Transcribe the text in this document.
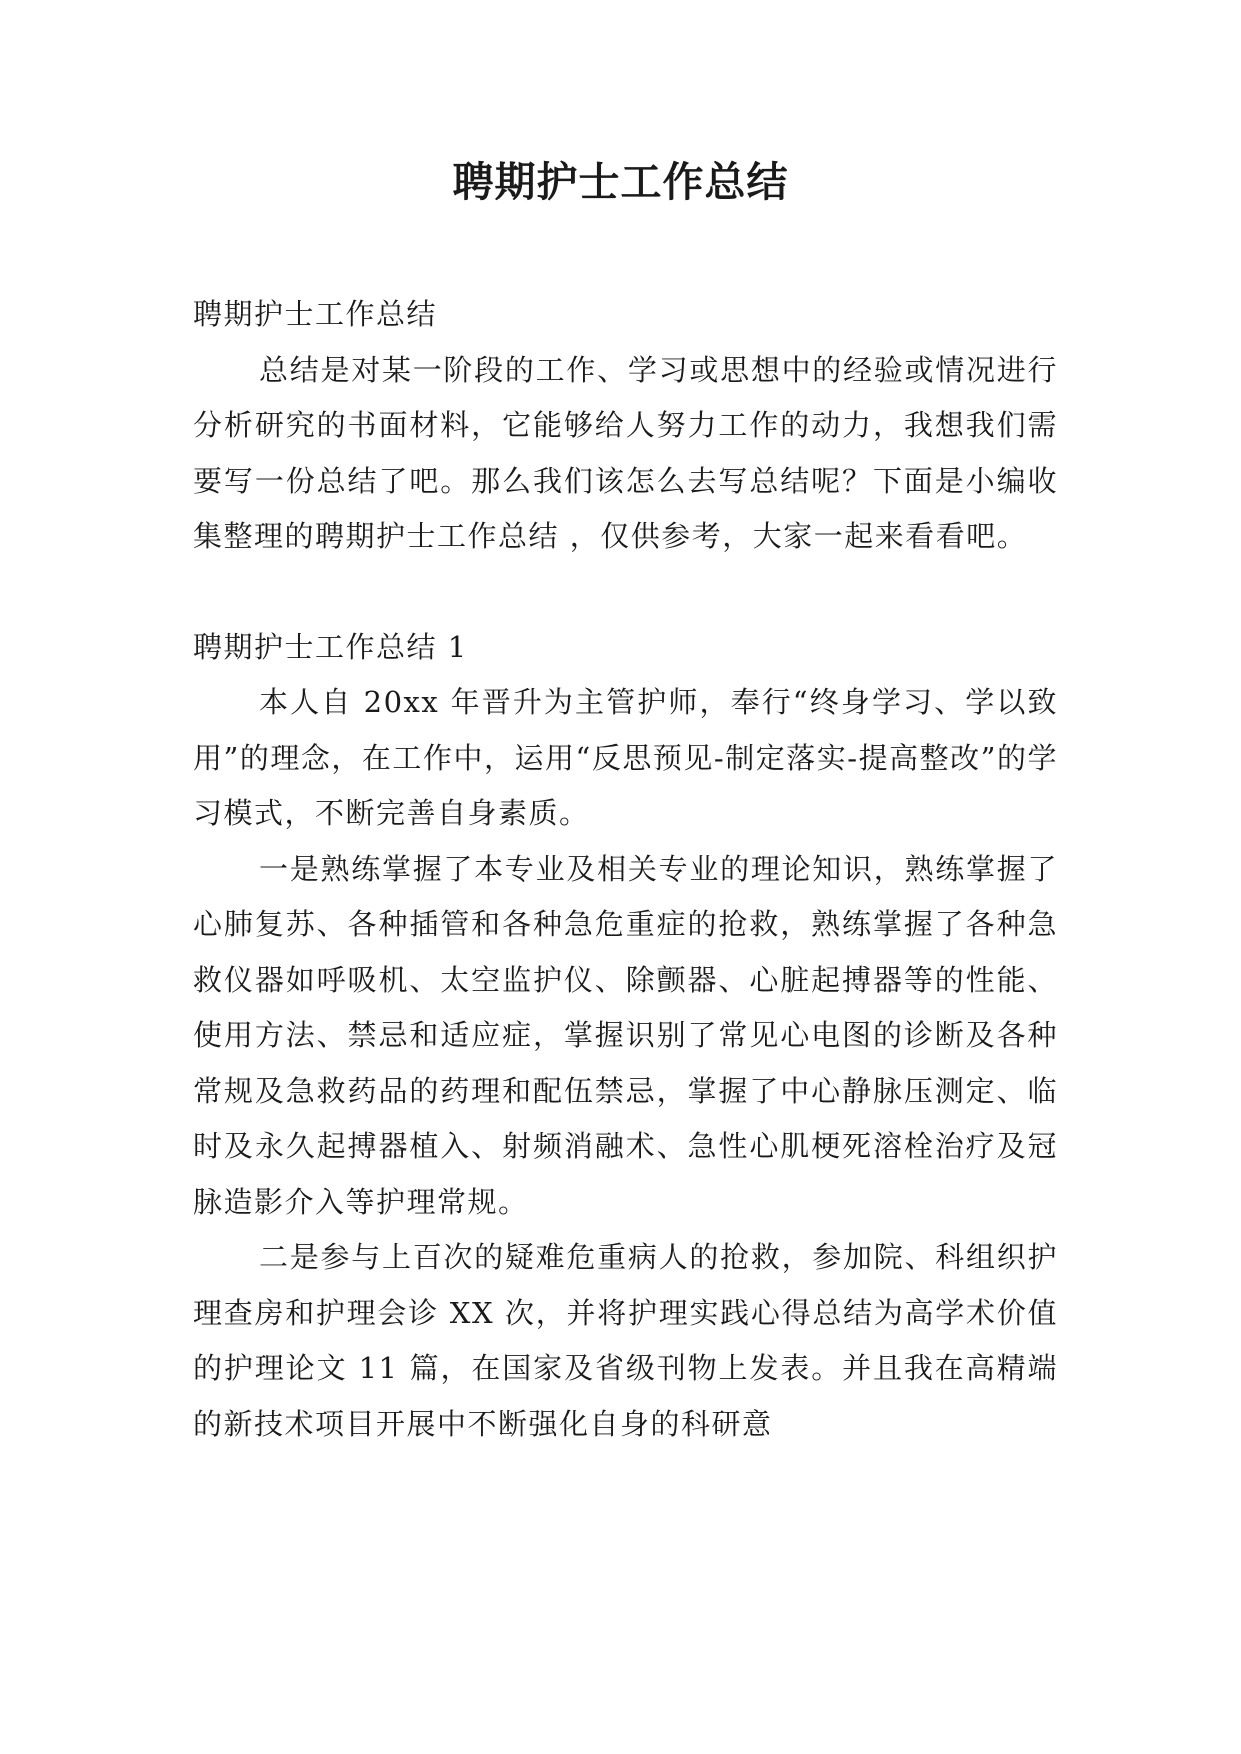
聘期护士工作总结

聘期护士工作总结

总结是对某一阶段的工作、学习或思想中的经验或情况进行分析研究的书面材料，它能够给人努力工作的动力，我想我们需要写一份总结了吧。那么我们该怎么去写总结呢？下面是小编收集整理的聘期护士工作总结 ，仅供参考，大家一起来看看吧。

聘期护士工作总结 1

本人自 20xx 年晋升为主管护师，奉行“终身学习、学以致用”的理念，在工作中，运用“反思预见-制定落实-提高整改”的学习模式，不断完善自身素质。

一是熟练掌握了本专业及相关专业的理论知识，熟练掌握了心肺复苏、各种插管和各种急危重症的抢救，熟练掌握了各种急救仪器如呼吸机、太空监护仪、除颤器、心脏起搏器等的性能、使用方法、禁忌和适应症，掌握识别了常见心电图的诊断及各种常规及急救药品的药理和配伍禁忌，掌握了中心静脉压测定、临时及永久起搏器植入、射频消融术、急性心肌梗死溶栓治疗及冠脉造影介入等护理常规。

二是参与上百次的疑难危重病人的抢救，参加院、科组织护理查房和护理会诊 XX 次，并将护理实践心得总结为高学术价值的护理论文 11 篇，在国家及省级刊物上发表。并且我在高精端的新技术项目开展中不断强化自身的科研意
